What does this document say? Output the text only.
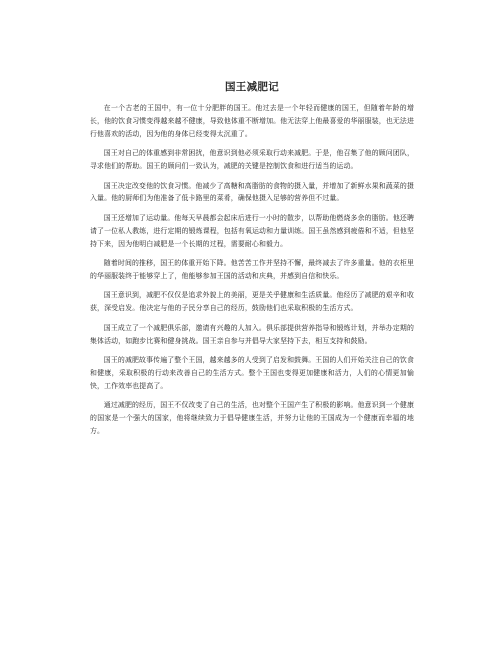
国王减肥记

在一个古老的王国中，有一位十分肥胖的国王。他过去是一个年轻而健康的国王，但随着年龄的增长，他的饮食习惯变得越来越不健康，导致他体重不断增加。他无法穿上他最喜爱的华丽服装，也无法进行他喜欢的活动，因为他的身体已经变得太沉重了。

国王对自己的体重感到非常困扰，他意识到他必须采取行动来减肥。于是，他召集了他的顾问团队，寻求他们的帮助。国王的顾问们一致认为，减肥的关键是控制饮食和进行适当的运动。

国王决定改变他的饮食习惯。他减少了高糖和高脂肪的食物的摄入量，并增加了新鲜水果和蔬菜的摄入量。他的厨师们为他准备了低卡路里的菜肴，确保他摄入足够的营养但不过量。

国王还增加了运动量。他每天早晨都会起床后进行一小时的散步，以帮助他燃烧多余的脂肪。他还聘请了一位私人教练，进行定期的锻炼课程，包括有氧运动和力量训练。国王虽然感到疲倦和不适，但他坚持下来，因为他明白减肥是一个长期的过程，需要耐心和毅力。

随着时间的推移，国王的体重开始下降。他苦苦工作并坚持不懈，最终减去了许多重量。他的衣柜里的华丽服装终于能够穿上了，他能够参加王国的活动和庆典，并感到自信和快乐。

国王意识到，减肥不仅仅是追求外貌上的美丽，更是关乎健康和生活质量。他经历了减肥的艰辛和收获，深受启发。他决定与他的子民分享自己的经历，鼓励他们也采取积极的生活方式。

国王成立了一个减肥俱乐部，邀请有兴趣的人加入。俱乐部提供营养指导和锻炼计划，并举办定期的集体活动，如跑步比赛和健身挑战。国王亲自参与并倡导大家坚持下去，相互支持和鼓励。

国王的减肥故事传遍了整个王国，越来越多的人受到了启发和鼓舞。王国的人们开始关注自己的饮食和健康，采取积极的行动来改善自己的生活方式。整个王国也变得更加健康和活力，人们的心情更加愉快，工作效率也提高了。

通过减肥的经历，国王不仅改变了自己的生活，也对整个王国产生了积极的影响。他意识到一个健康的国家是一个强大的国家，他将继续致力于倡导健康生活，并努力让他的王国成为一个健康而幸福的地方。
